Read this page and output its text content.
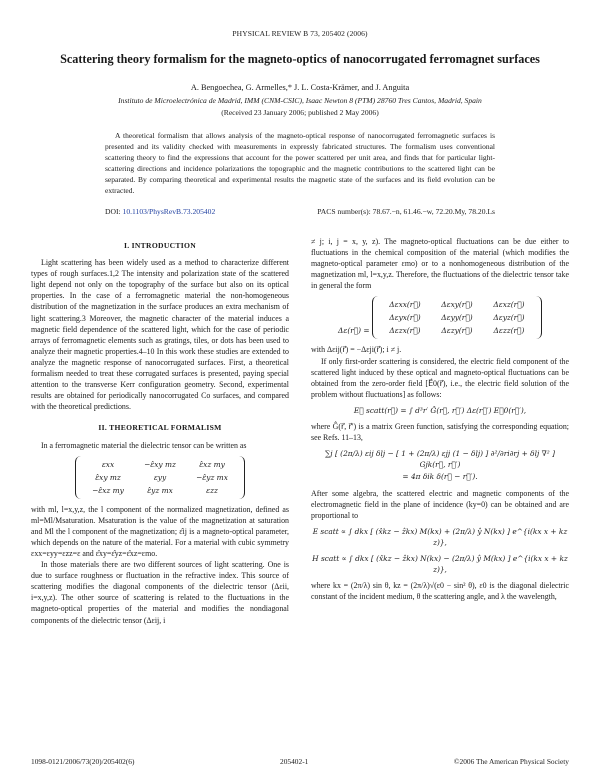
PHYSICAL REVIEW B 73, 205402 (2006)
Scattering theory formalism for the magneto-optics of nanocorrugated ferromagnet surfaces
A. Bengoechea, G. Armelles,* J. L. Costa-Krämer, and J. Anguita
Instituto de Microelectrónica de Madrid, IMM (CNM-CSIC), Isaac Newton 8 (PTM) 28760 Tres Cantos, Madrid, Spain
(Received 23 January 2006; published 2 May 2006)
A theoretical formalism that allows analysis of the magneto-optical response of nanocorrugated ferromagnetic surfaces is presented and its validity checked with measurements in expressly fabricated structures. The formalism uses conventional scattering theory to find the expressions that account for the power scattered per unit area, and finds that for particular light-scattering directions and incidence polarizations the topographic and the magnetic contributions to the scattered light can be separated. By comparing theoretical and experimental results the magnetic state of the surfaces and its field evolution can be extracted.
DOI: 10.1103/PhysRevB.73.205402	PACS number(s): 78.67.−n, 61.46.−w, 72.20.My, 78.20.Ls
I. INTRODUCTION

Light scattering has been widely used as a method to characterize different types of rough surfaces.1,2 The intensity and polarization state of the scattered light depend not only on the topography of the surface but also on its optical properties. In the case of a ferromagnetic material the non-homogeneous distribution of the magnetization in the surface produces an extra mechanism of light scattering.3 Moreover, the magnetic character of the material induces a magnetic field dependence of the scattered light, which for the case of periodic arrays of ferromagnetic elements such as gratings, tiles, or dots has been used to analyze their magnetic properties.4–10 In this work these studies are extended to analyze the magnetic response of nanocorrugated surfaces. First, a theoretical formalism needed to treat these corrugated surfaces is presented, paying special attention to the transverse Kerr configuration geometry. Second, experimental results are obtained for periodically nanocorrugated Co surfaces, and compared with the theoretical predictions.

II. THEORETICAL FORMALISM

In a ferromagnetic material the dielectric tensor can be written as

εxx	−ε̂xy mz	ε̂xz my
ε̂xy mz	εyy	−ε̂yz mx
−ε̂xz my	ε̂yz mx	εzz

with ml, l=x,y,z, the l component of the normalized magnetization, defined as ml=Ml/Msaturation. Msaturation is the value of the magnetization at saturation and Ml the l component of the magnetization; ε̂ij is a magneto-optical parameter, which depends on the nature of the material. For a material with cubic symmetry εxx=εyy=εzz=ε and ε̂xy=ε̂yz=ε̂xz=εmo.

In those materials there are two different sources of light scattering. One is due to surface roughness or fluctuation in the refractive index. This source of scattering modifies the diagonal components of the dielectric tensor (Δεii, i=x,y,z). The other source of scattering is related to the fluctuations in the magneto-optical properties of the material and modifies the nondiagonal components of the dielectric tensor (Δεij, i

≠ j; i, j = x, y, z). The magneto-optical fluctuations can be due either to fluctuations in the chemical composition of the material (which modifies the magneto-optical parameter εmo) or to a nonhomogeneous distribution of the magnetization ml, l=x,y,z. Therefore, the fluctuations of the dielectric tensor take in general the form

Δε(r⃗) =
Δεxx(r⃗)	Δεxy(r⃗)	Δεxz(r⃗)
Δεyx(r⃗)	Δεyy(r⃗)	Δεyz(r⃗)
Δεzx(r⃗)	Δεzy(r⃗)	Δεzz(r⃗)

with Δεij(r⃗) = −Δεji(r⃗); i ≠ j.

If only first-order scattering is considered, the electric field component of the scattered light induced by these optical and magneto-optical fluctuations can be obtained from the zero-order field [E⃗0(r⃗), i.e., the electric field solution of the problem without fluctuations] as follows:

E⃗ scatt(r⃗) = ∫ d³r′ Ĝ(r⃗, r⃗′) Δε(r⃗′) E⃗0(r⃗′),

where Ĝ(r⃗, r⃗′) is a matrix Green function, satisfying the corresponding equation; see Refs. 11–13,

∑j [ (2π/λ) εij δlj − [ 1 + (2π/λ) εjj (1 − δlj) ] ∂²/∂ri∂rj + δlj ∇² ] Gjk(r⃗, r⃗′)
= 4π δik δ(r⃗ − r⃗′).

After some algebra, the scattered electric and magnetic components of the electromagnetic field in the plane of incidence (ky=0) can be obtained and are proportional to

E scatt ∝ ∫ dkx [ (x̂kz − ẑkx) M(kx) + (2π/λ) ŷ N(kx) ] e^{i(kx x + kz z)},
H scatt ∝ ∫ dkx [ (x̂kz − ẑkx) N(kx) − (2π/λ) ŷ M(kx) ] e^{i(kx x + kz z)},

where kx = (2π/λ) sin θ, kz = (2π/λ)√(ε0 − sin² θ), ε0 is the diagonal dielectric constant of the incident medium, θ the scattering angle, and λ the wavelength,

1098-0121/2006/73(20)/205402(6)	205402-1	©2006 The American Physical Society
